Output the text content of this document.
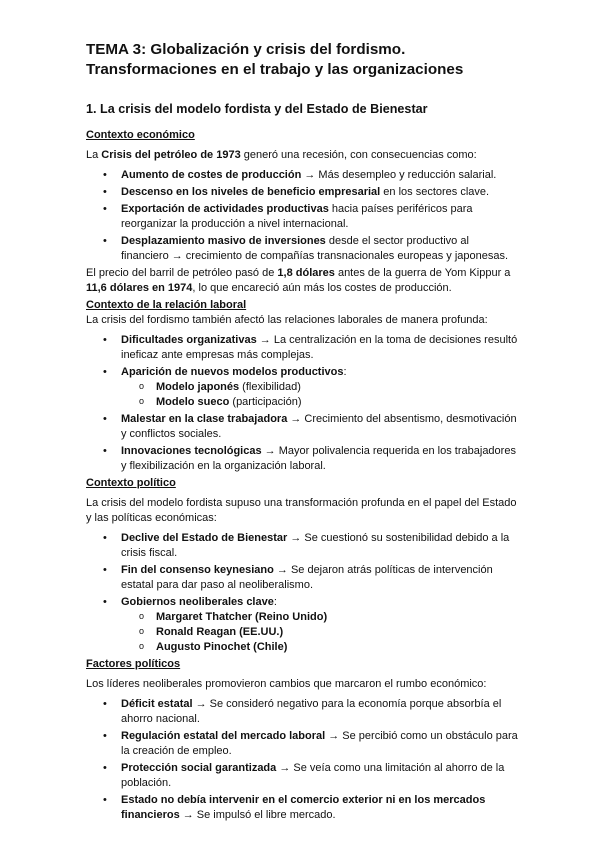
TEMA 3: Globalización y crisis del fordismo. Transformaciones en el trabajo y las organizaciones
1. La crisis del modelo fordista y del Estado de Bienestar
Contexto económico

La Crisis del petróleo de 1973 generó una recesión, con consecuencias como:

• Aumento de costes de producción → Más desempleo y reducción salarial.
• Descenso en los niveles de beneficio empresarial en los sectores clave.
• Exportación de actividades productivas hacia países periféricos para reorganizar la producción a nivel internacional.
• Desplazamiento masivo de inversiones desde el sector productivo al financiero → crecimiento de compañías transnacionales europeas y japonesas.

El precio del barril de petróleo pasó de 1,8 dólares antes de la guerra de Yom Kippur a 11,6 dólares en 1974, lo que encareció aún más los costes de producción.

Contexto de la relación laboral

La crisis del fordismo también afectó las relaciones laborales de manera profunda:

• Dificultades organizativas → La centralización en la toma de decisiones resultó ineficaz ante empresas más complejas.
• Aparición de nuevos modelos productivos:
o Modelo japonés (flexibilidad)
o Modelo sueco (participación)
• Malestar en la clase trabajadora → Crecimiento del absentismo, desmotivación y conflictos sociales.
• Innovaciones tecnológicas → Mayor polivalencia requerida en los trabajadores y flexibilización en la organización laboral.
Contexto político

La crisis del modelo fordista supuso una transformación profunda en el papel del Estado y las políticas económicas:

• Declive del Estado de Bienestar → Se cuestionó su sostenibilidad debido a la crisis fiscal.
• Fin del consenso keynesiano → Se dejaron atrás políticas de intervención estatal para dar paso al neoliberalismo.
• Gobiernos neoliberales clave:
o Margaret Thatcher (Reino Unido)
o Ronald Reagan (EE.UU.)
o Augusto Pinochet (Chile)
Factores políticos

Los líderes neoliberales promovieron cambios que marcaron el rumbo económico:

• Déficit estatal → Se consideró negativo para la economía porque absorbía el ahorro nacional.
• Regulación estatal del mercado laboral → Se percibió como un obstáculo para la creación de empleo.
• Protección social garantizada → Se veía como una limitación al ahorro de la población.
• Estado no debía intervenir en el comercio exterior ni en los mercados financieros → Se impulsó el libre mercado.
